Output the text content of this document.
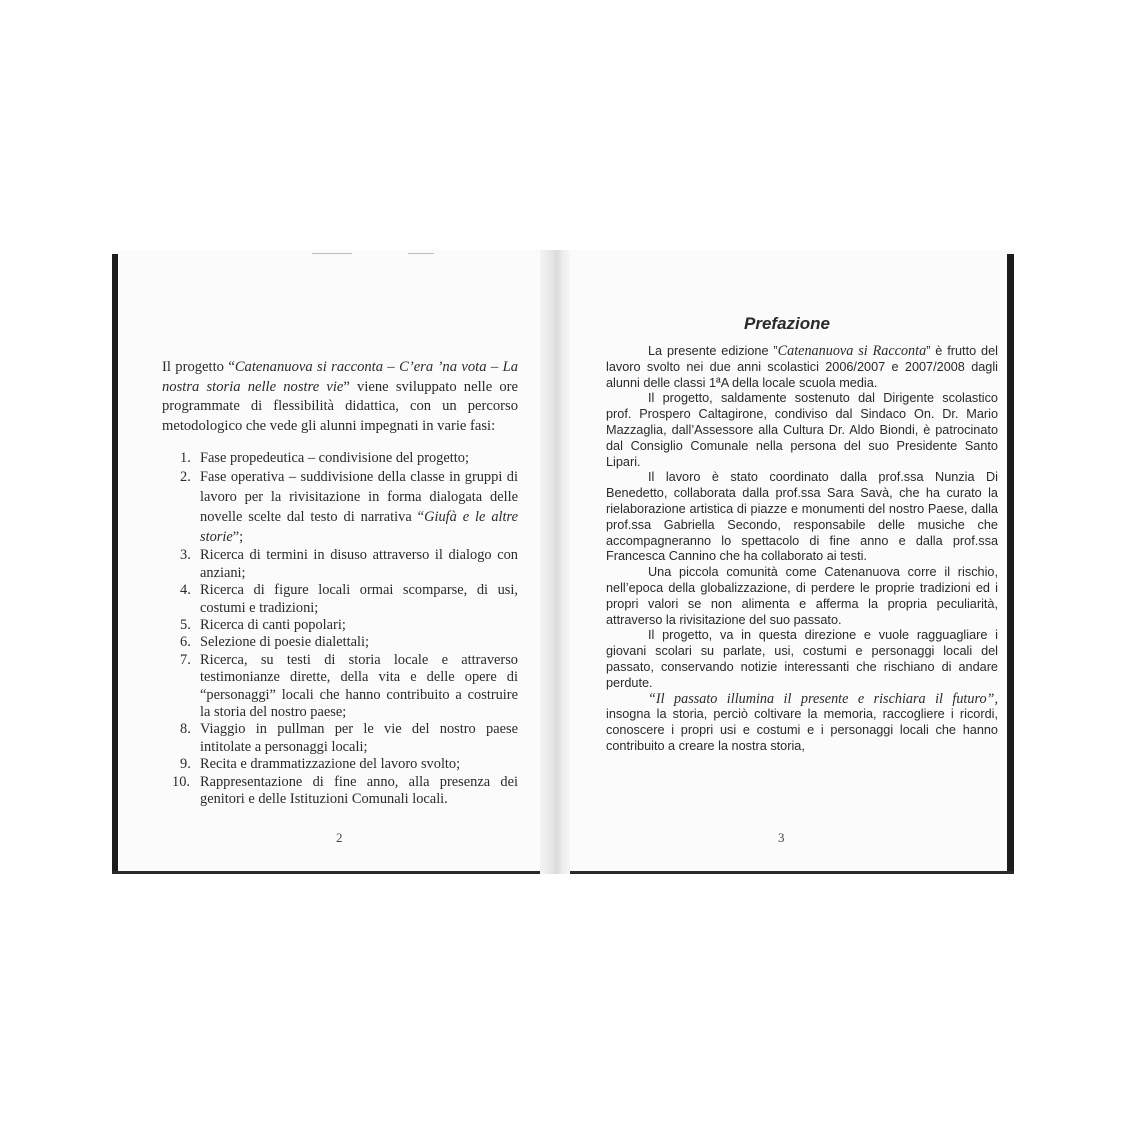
Il progetto “Catenanuova si racconta – C’era ’na vota – La nostra storia nelle nostre vie” viene sviluppato nelle ore programmate di flessibilità didattica, con un percorso metodologico che vede gli alunni impegnati in varie fasi:
1. Fase propedeutica – condivisione del progetto;
2. Fase operativa – suddivisione della classe in gruppi di lavoro per la rivisitazione in forma dialogata delle novelle scelte dal testo di narrativa “Giufà e le altre storie”;
3. Ricerca di termini in disuso attraverso il dialogo con anziani;
4. Ricerca di figure locali ormai scomparse, di usi, costumi e tradizioni;
5. Ricerca di canti popolari;
6. Selezione di poesie dialettali;
7. Ricerca, su testi di storia locale e attraverso testimonianze dirette, della vita e delle opere di “personaggi” locali che hanno contribuito a costruire la storia del nostro paese;
8. Viaggio in pullman per le vie del nostro paese intitolate a personaggi locali;
9. Recita e drammatizzazione del lavoro svolto;
10. Rappresentazione di fine anno, alla presenza dei genitori e delle Istituzioni Comunali locali.
2
Prefazione

La presente edizione ”Catenanuova si Racconta” è frutto del lavoro svolto nei due anni scolastici 2006/2007 e 2007/2008 dagli alunni delle classi 1ªA della locale scuola media.

Il progetto, saldamente sostenuto dal Dirigente scolastico prof. Prospero Caltagirone, condiviso dal Sindaco On. Dr. Mario Mazzaglia, dall’Assessore alla Cultura Dr. Aldo Biondi, è patrocinato dal Consiglio Comunale nella persona del suo Presidente Santo Lipari.

Il lavoro è stato coordinato dalla prof.ssa Nunzia Di Benedetto, collaborata dalla prof.ssa Sara Savà, che ha curato la rielaborazione artistica di piazze e monumenti del nostro Paese, dalla prof.ssa Gabriella Secondo, responsabile delle musiche che accompagneranno lo spettacolo di fine anno e dalla prof.ssa Francesca Cannino che ha collaborato ai testi.

Una piccola comunità come Catenanuova corre il rischio, nell’epoca della globalizzazione, di perdere le proprie tradizioni ed i propri valori se non alimenta e afferma la propria peculiarità, attraverso la rivisitazione del suo passato.

Il progetto, va in questa direzione e vuole ragguagliare i giovani scolari su parlate, usi, costumi e personaggi locali del passato, conservando notizie interessanti che rischiano di andare perdute.

“Il passato illumina il presente e rischiara il futuro”, insogna la storia, perciò coltivare la memoria, raccogliere i ricordi, conoscere i propri usi e costumi e i personaggi locali che hanno contribuito a creare la nostra storia,

3
